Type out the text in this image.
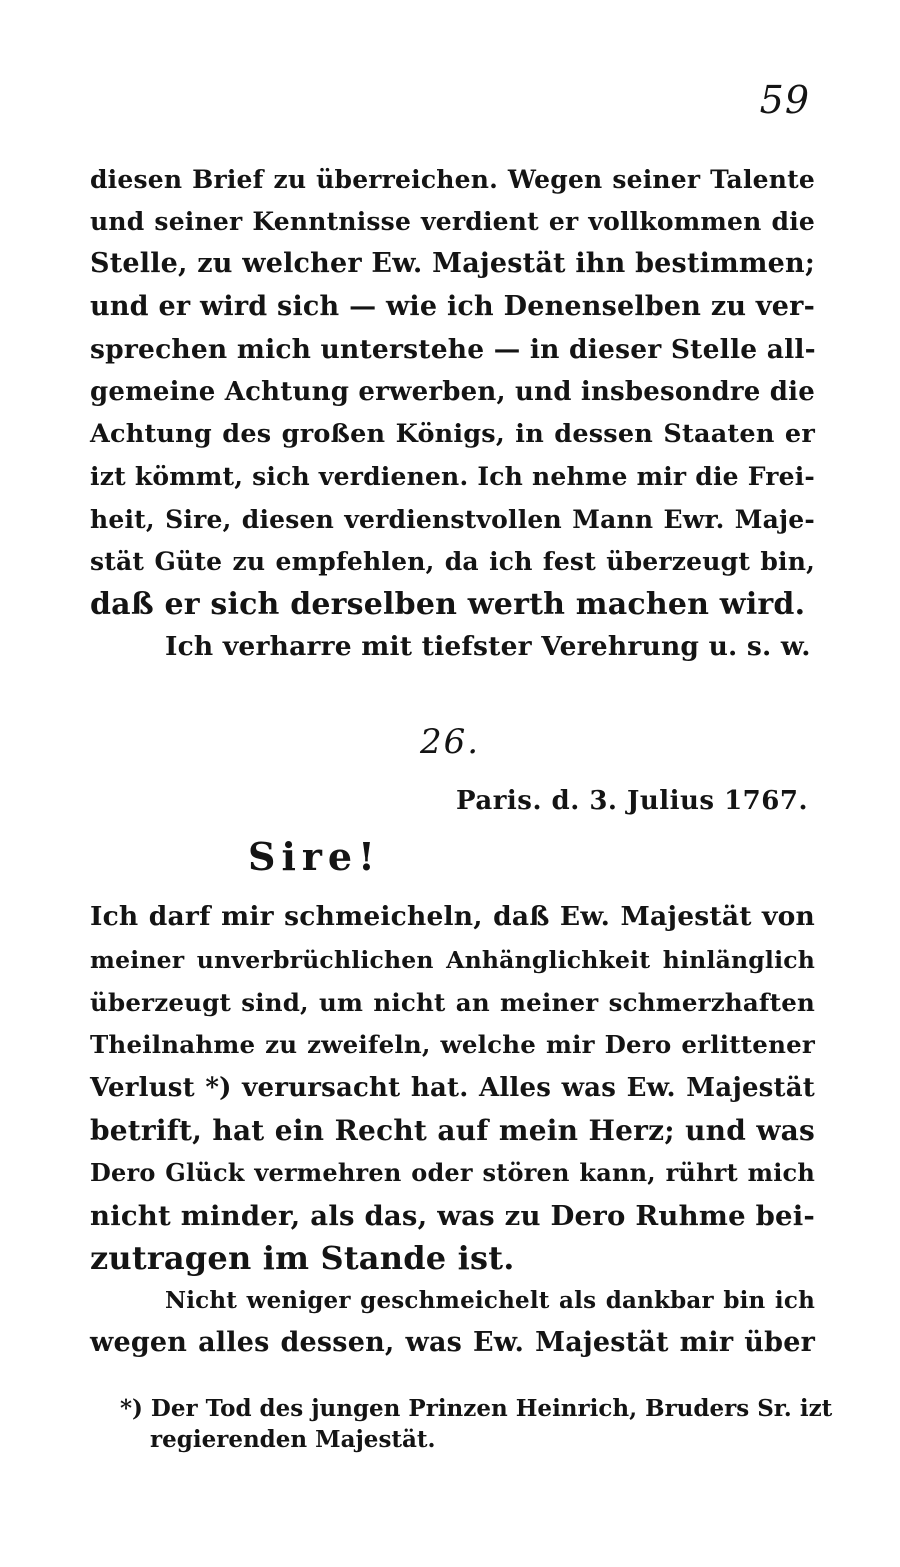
59
diesen Brief zu überreichen. Wegen seiner Talente
und seiner Kenntnisse verdient er vollkommen die
Stelle, zu welcher Ew. Majestät ihn bestimmen;
und er wird sich — wie ich Denenselben zu ver-
sprechen mich unterstehe — in dieser Stelle all-
gemeine Achtung erwerben, und insbesondre die
Achtung des großen Königs, in dessen Staaten er
izt kömmt, sich verdienen. Ich nehme mir die Frei-
heit, Sire, diesen verdienstvollen Mann Ewr. Maje-
stät Güte zu empfehlen, da ich fest überzeugt bin,
daß er sich derselben werth machen wird.
Ich verharre mit tiefster Verehrung u. s. w.
26.
Paris. d. 3. Julius 1767.
Sire!
Ich darf mir schmeicheln, daß Ew. Majestät von
meiner unverbrüchlichen Anhänglichkeit hinlänglich
überzeugt sind, um nicht an meiner schmerzhaften
Theilnahme zu zweifeln, welche mir Dero erlittener
Verlust *) verursacht hat. Alles was Ew. Majestät
betrift, hat ein Recht auf mein Herz; und was
Dero Glück vermehren oder stören kann, rührt mich
nicht minder, als das, was zu Dero Ruhme bei-
zutragen im Stande ist.
Nicht weniger geschmeichelt als dankbar bin ich
wegen alles dessen, was Ew. Majestät mir über
*) Der Tod des jungen Prinzen Heinrich, Bruders Sr. izt
regierenden Majestät.
